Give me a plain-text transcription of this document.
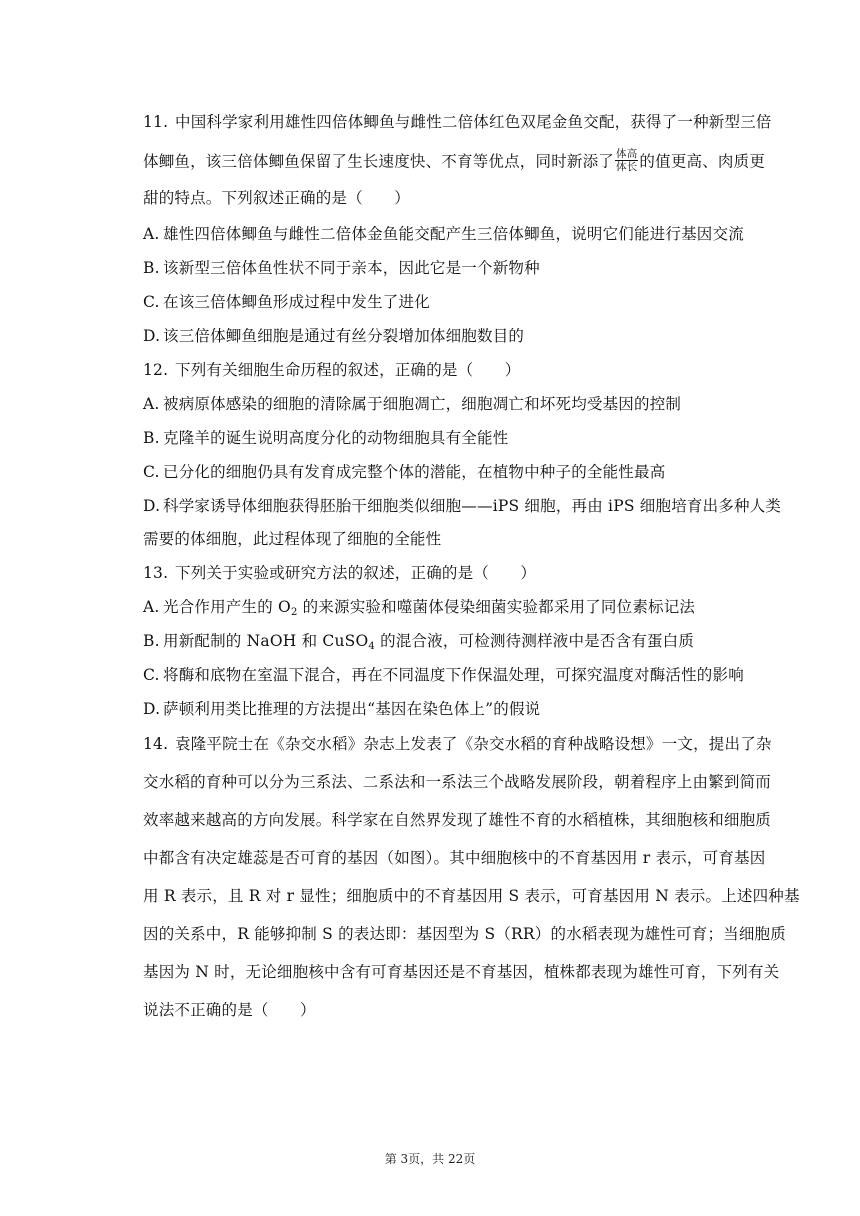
11. 中国科学家利用雄性四倍体鲫鱼与雌性二倍体红色双尾金鱼交配，获得了一种新型三倍
体鲫鱼，该三倍体鲫鱼保留了生长速度快、不育等优点，同时新添了 $\frac{\text{体高}}{\text{体长}}$ 的值更高、肉质更
甜的特点。下列叙述正确的是（　　）
A. 雄性四倍体鲫鱼与雌性二倍体金鱼能交配产生三倍体鲫鱼，说明它们能进行基因交流
B. 该新型三倍体鱼性状不同于亲本，因此它是一个新物种
C. 在该三倍体鲫鱼形成过程中发生了进化
D. 该三倍体鲫鱼细胞是通过有丝分裂增加体细胞数目的
12. 下列有关细胞生命历程的叙述，正确的是（　　）
A. 被病原体感染的细胞的清除属于细胞凋亡，细胞凋亡和坏死均受基因的控制
B. 克隆羊的诞生说明高度分化的动物细胞具有全能性
C. 已分化的细胞仍具有发育成完整个体的潜能，在植物中种子的全能性最高
D. 科学家诱导体细胞获得胚胎干细胞类似细胞——iPS 细胞，再由 iPS 细胞培育出多种人类
需要的体细胞，此过程体现了细胞的全能性
13. 下列关于实验或研究方法的叙述，正确的是（　　）
A. 光合作用产生的 $O_2$ 的来源实验和噬菌体侵染细菌实验都采用了同位素标记法
B. 用新配制的 NaOH 和 CuSO$_4$ 的混合液，可检测待测样液中是否含有蛋白质
C. 将酶和底物在室温下混合，再在不同温度下作保温处理，可探究温度对酶活性的影响
D. 萨顿利用类比推理的方法提出“基因在染色体上”的假说
14. 袁隆平院士在《杂交水稻》杂志上发表了《杂交水稻的育种战略设想》一文，提出了杂
交水稻的育种可以分为三系法、二系法和一系法三个战略发展阶段，朝着程序上由繁到简而
效率越来越高的方向发展。科学家在自然界发现了雄性不育的水稻植株，其细胞核和细胞质
中都含有决定雄蕊是否可育的基因（如图）。其中细胞核中的不育基因用 r 表示，可育基因
用 R 表示，且 R 对 r 显性；细胞质中的不育基因用 S 表示，可育基因用 N 表示。上述四种基
因的关系中，R 能够抑制 S 的表达即：基因型为 S（RR）的水稻表现为雄性可育；当细胞质
基因为 N 时，无论细胞核中含有可育基因还是不育基因，植株都表现为雄性可育，下列有关
说法不正确的是（　　）
第 3页，共 22页
